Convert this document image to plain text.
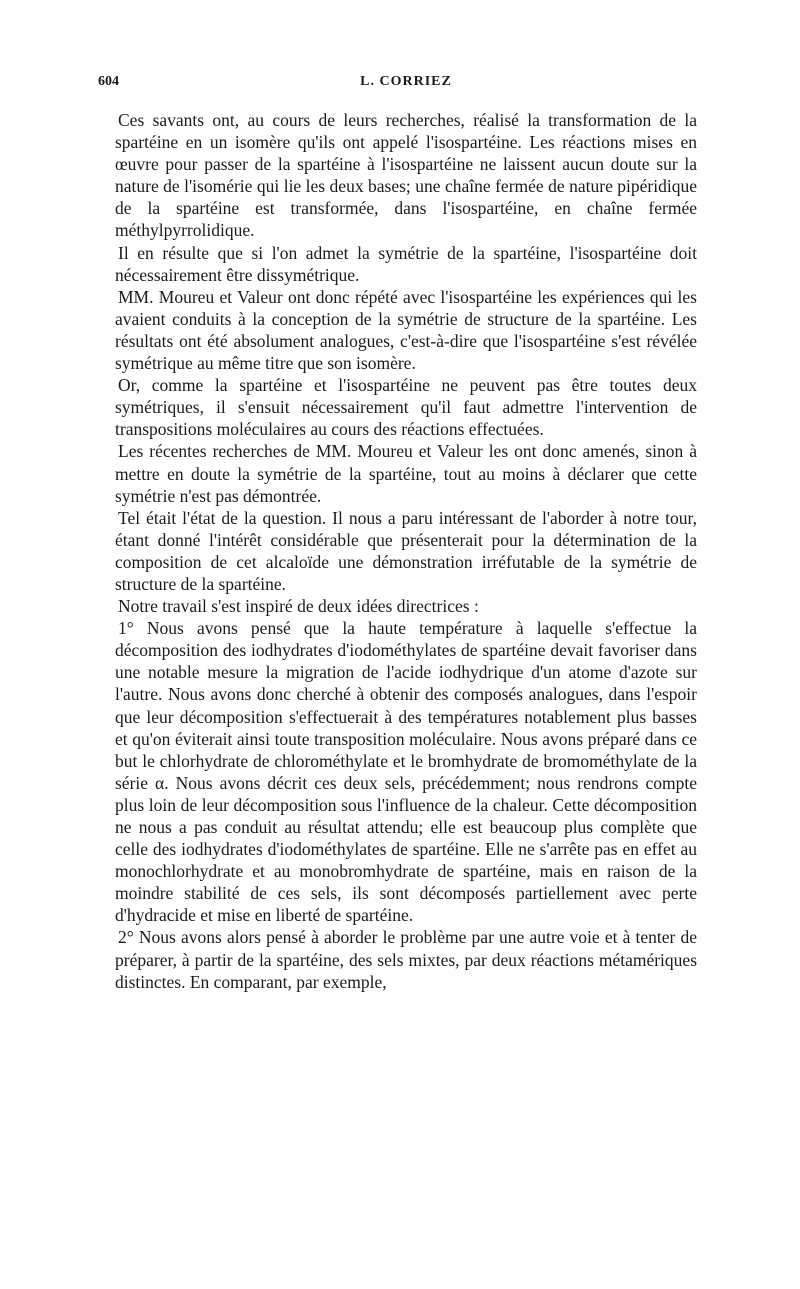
604	L. CORRIEZ

Ces savants ont, au cours de leurs recherches, réalisé la transformation de la spartéine en un isomère qu'ils ont appelé l'isospartéine. Les réactions mises en œuvre pour passer de la spartéine à l'isospartéine ne laissent aucun doute sur la nature de l'isomérie qui lie les deux bases; une chaîne fermée de nature pipéridique de la spartéine est transformée, dans l'isospartéine, en chaîne fermée méthylpyrrolidique.

Il en résulte que si l'on admet la symétrie de la spartéine, l'isospartéine doit nécessairement être dissymétrique.

MM. Moureu et Valeur ont donc répété avec l'isospartéine les expériences qui les avaient conduits à la conception de la symétrie de structure de la spartéine. Les résultats ont été absolument analogues, c'est-à-dire que l'isospartéine s'est révélée symétrique au même titre que son isomère.

Or, comme la spartéine et l'isospartéine ne peuvent pas être toutes deux symétriques, il s'ensuit nécessairement qu'il faut admettre l'intervention de transpositions moléculaires au cours des réactions effectuées.

Les récentes recherches de MM. Moureu et Valeur les ont donc amenés, sinon à mettre en doute la symétrie de la spartéine, tout au moins à déclarer que cette symétrie n'est pas démontrée.

Tel était l'état de la question. Il nous a paru intéressant de l'aborder à notre tour, étant donné l'intérêt considérable que présenterait pour la détermination de la composition de cet alcaloïde une démonstration irréfutable de la symétrie de structure de la spartéine.

Notre travail s'est inspiré de deux idées directrices :

1° Nous avons pensé que la haute température à laquelle s'effectue la décomposition des iodhydrates d'iodométhylates de spartéine devait favoriser dans une notable mesure la migration de l'acide iodhydrique d'un atome d'azote sur l'autre. Nous avons donc cherché à obtenir des composés analogues, dans l'espoir que leur décomposition s'effectuerait à des températures notablement plus basses et qu'on éviterait ainsi toute transposition moléculaire. Nous avons préparé dans ce but le chlorhydrate de chlorométhylate et le bromhydrate de bromométhylate de la série α. Nous avons décrit ces deux sels, précédemment; nous rendrons compte plus loin de leur décomposition sous l'influence de la chaleur. Cette décomposition ne nous a pas conduit au résultat attendu; elle est beaucoup plus complète que celle des iodhydrates d'iodométhylates de spartéine. Elle ne s'arrête pas en effet au monochlorhydrate et au monobromhydrate de spartéine, mais en raison de la moindre stabilité de ces sels, ils sont décomposés partiellement avec perte d'hydracide et mise en liberté de spartéine.

2° Nous avons alors pensé à aborder le problème par une autre voie et à tenter de préparer, à partir de la spartéine, des sels mixtes, par deux réactions métamériques distinctes. En comparant, par exemple,
